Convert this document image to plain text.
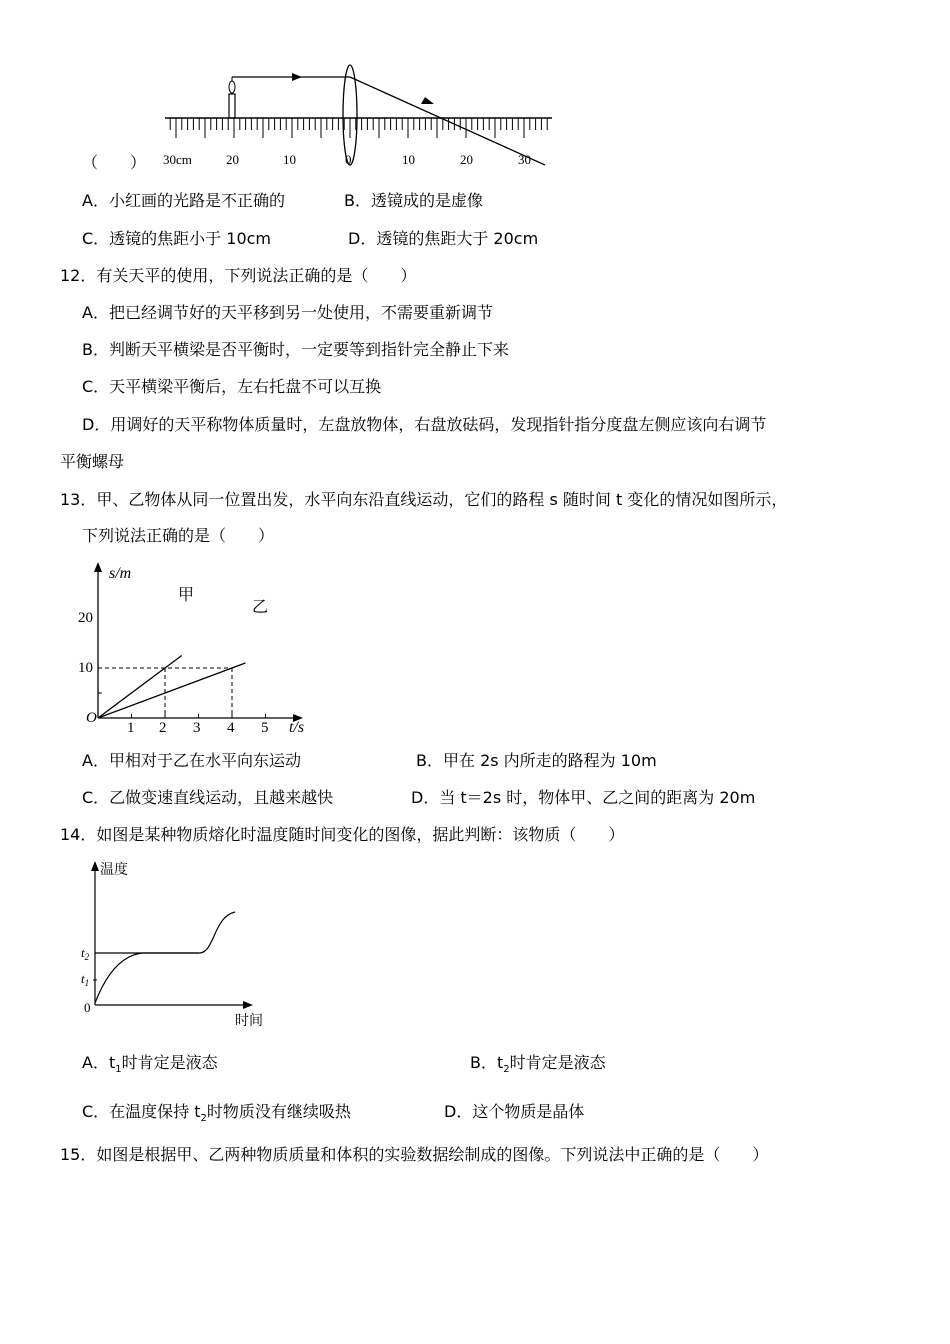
30cm	20	10	0	10	20	30
（　　）
A．小红画的光路是不正确的	B．透镜成的是虚像
C．透镜的焦距小于 10cm	D．透镜的焦距大于 20cm
12．有关天平的使用，下列说法正确的是（　　）
A．把已经调节好的天平移到另一处使用，不需要重新调节
B．判断天平横梁是否平衡时，一定要等到指针完全静止下来
C．天平横梁平衡后，左右托盘不可以互换
D．用调好的天平称物体质量时，左盘放物体，右盘放砝码，发现指针指分度盘左侧应该向右调节
平衡螺母
13．甲、乙物体从同一位置出发，水平向东沿直线运动，它们的路程 s 随时间 t 变化的情况如图所示，
下列说法正确的是（　　）
s/m
t/s
O
20
10
1 2 3 4 5
甲
乙
A．甲相对于乙在水平向东运动	B．甲在 2s 内所走的路程为 10m
C．乙做变速直线运动，且越来越快	D．当 t＝2s 时，物体甲、乙之间的距离为 20m
14．如图是某种物质熔化时温度随时间变化的图像，据此判断：该物质（　　）
温度
时间
0
$t_2$
$t_1$
A．$t_1$时肯定是液态	B．$t_2$时肯定是液态
C．在温度保持 $t_2$时物质没有继续吸热	D．这个物质是晶体
15．如图是根据甲、乙两种物质质量和体积的实验数据绘制成的图像。下列说法中正确的是（　　）
